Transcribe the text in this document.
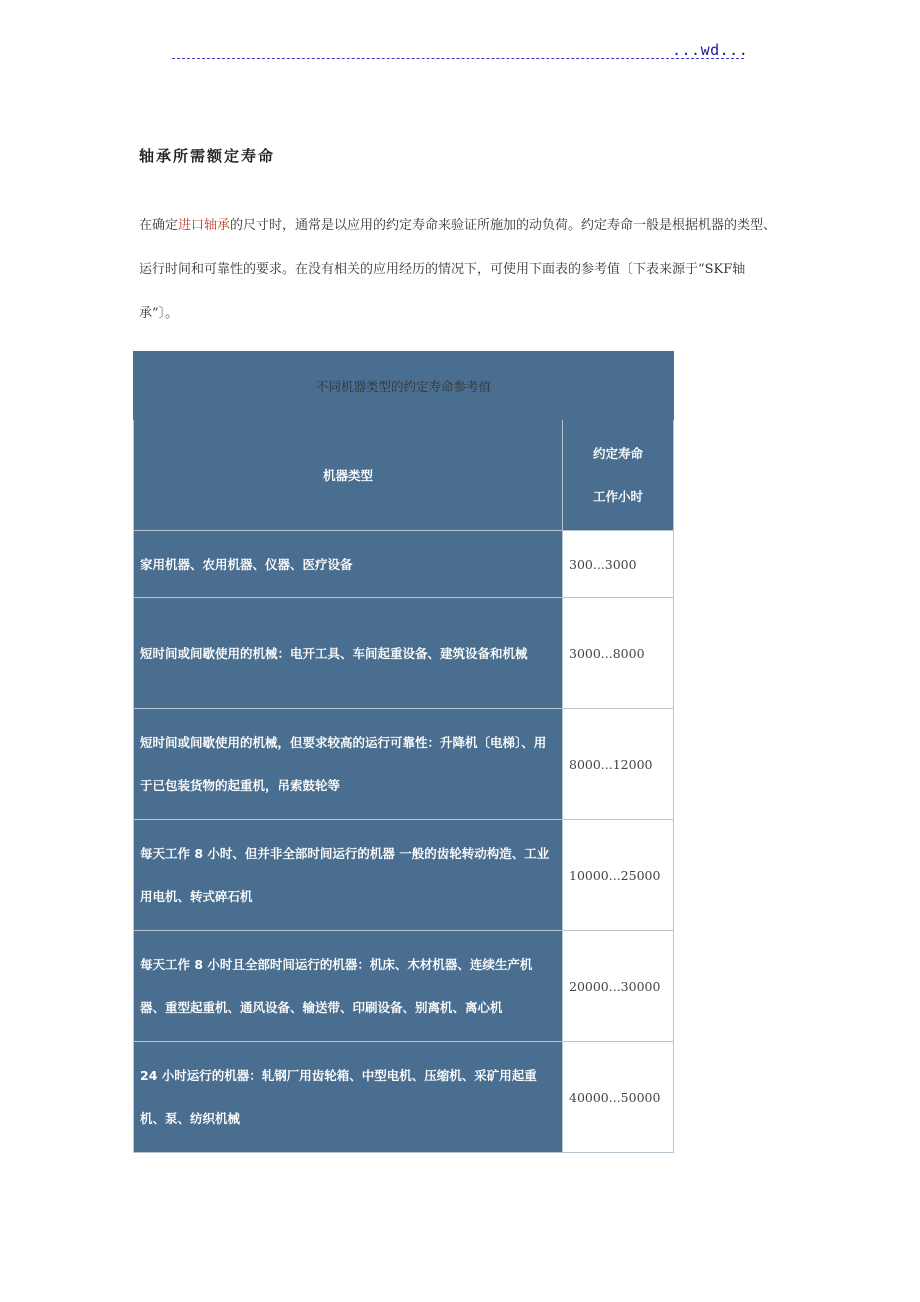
...wd...
轴承所需额定寿命

在确定进口轴承的尺寸时，通常是以应用的约定寿命来验证所施加的动负荷。约定寿命一般是根据机器的类型、运行时间和可靠性的要求。在没有相关的应用经历的情况下，可使用下面表的参考值〔下表来源于“SKF轴承”〕。

不同机器类型的约定寿命参考值	
机器类型	约定寿命
工作小时

家用机器、农用机器、仪器、医疗设备	300...3000
短时间或间歇使用的机械：电开工具、车间起重设备、建筑设备和机械	3000...8000
短时间或间歇使用的机械，但要求较高的运行可靠性：升降机〔电梯〕、用于已包装货物的起重机，吊索鼓轮等	8000...12000
每天工作 8 小时、但并非全部时间运行的机器 一般的齿轮转动构造、工业用电机、转式碎石机	10000...25000
每天工作 8 小时且全部时间运行的机器：机床、木材机器、连续生产机器、重型起重机、通风设备、输送带、印刷设备、别离机、离心机	20000...30000
24 小时运行的机器：轧钢厂用齿轮箱、中型电机、压缩机、采矿用起重机、泵、纺织机械	40000...50000
